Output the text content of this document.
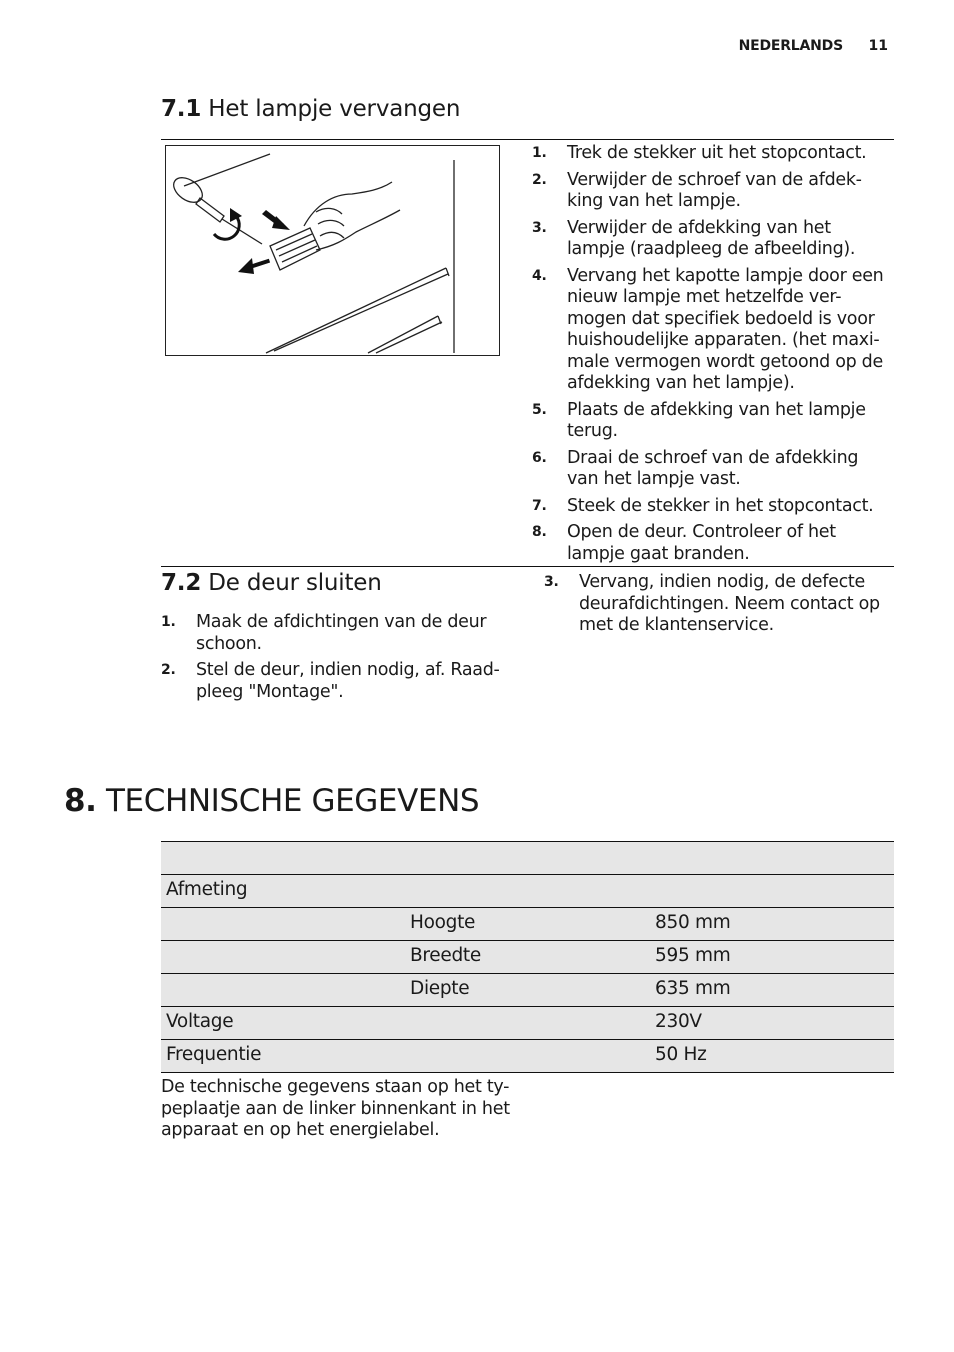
NEDERLANDS	11
7.1 Het lampje vervangen
1. Trek de stekker uit het stopcontact.
2. Verwijder de schroef van de afdek-king van het lampje.
3. Verwijder de afdekking van het lampje (raadpleeg de afbeelding).
4. Vervang het kapotte lampje door een nieuw lampje met hetzelfde ver-mogen dat specifiek bedoeld is voor huishoudelijke apparaten. (het maxi-male vermogen wordt getoond op de afdekking van het lampje).
5. Plaats de afdekking van het lampje terug.
6. Draai de schroef van de afdekking van het lampje vast.
7. Steek de stekker in het stopcontact.
8. Open de deur. Controleer of het lampje gaat branden.
7.2 De deur sluiten
1. Maak de afdichtingen van de deur schoon.
2. Stel de deur, indien nodig, af. Raad-pleeg "Montage".
3. Vervang, indien nodig, de defecte deurafdichtingen. Neem contact op met de klantenservice.
8. TECHNISCHE GEGEVENS
Afmeting
Hoogte	850 mm
Breedte	595 mm
Diepte	635 mm
Voltage	230V
Frequentie	50 Hz
De technische gegevens staan op het ty-peplaatje aan de linker binnenkant in het apparaat en op het energielabel.
